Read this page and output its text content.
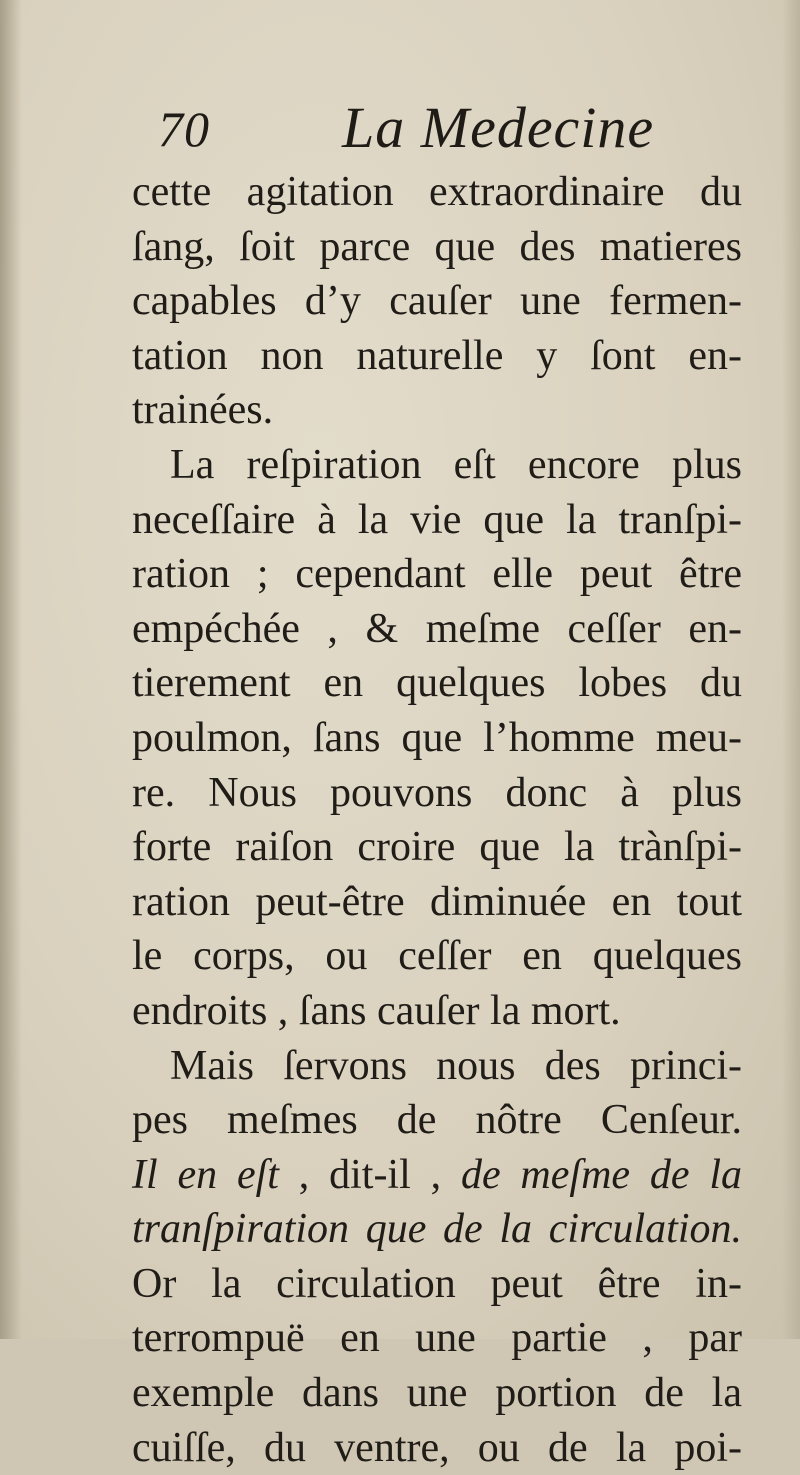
70 La Medecine
cette agitation extraordinaire du
ſang, ſoit parce que des matieres
capables d’y cauſer une fermen-
tation non naturelle y ſont en-
trainées.
La reſpiration eſt encore plus
neceſſaire à la vie que la tranſpi-
ration ; cependant elle peut être
empéchée , & meſme ceſſer en-
tierement en quelques lobes du
poulmon, ſans que l’homme meu-
re. Nous pouvons donc à plus
forte raiſon croire que la trànſpi-
ration peut-être diminuée en tout
le corps, ou ceſſer en quelques
endroits , ſans cauſer la mort.
Mais ſervons nous des princi-
pes meſmes de nôtre Cenſeur.
Il en eſt , dit-il , de meſme de la
tranſpiration que de la circulation.
Or la circulation peut être in-
terrompuë en une partie , par
exemple dans une portion de la
cuiſſe, du ventre, ou de la poi-
